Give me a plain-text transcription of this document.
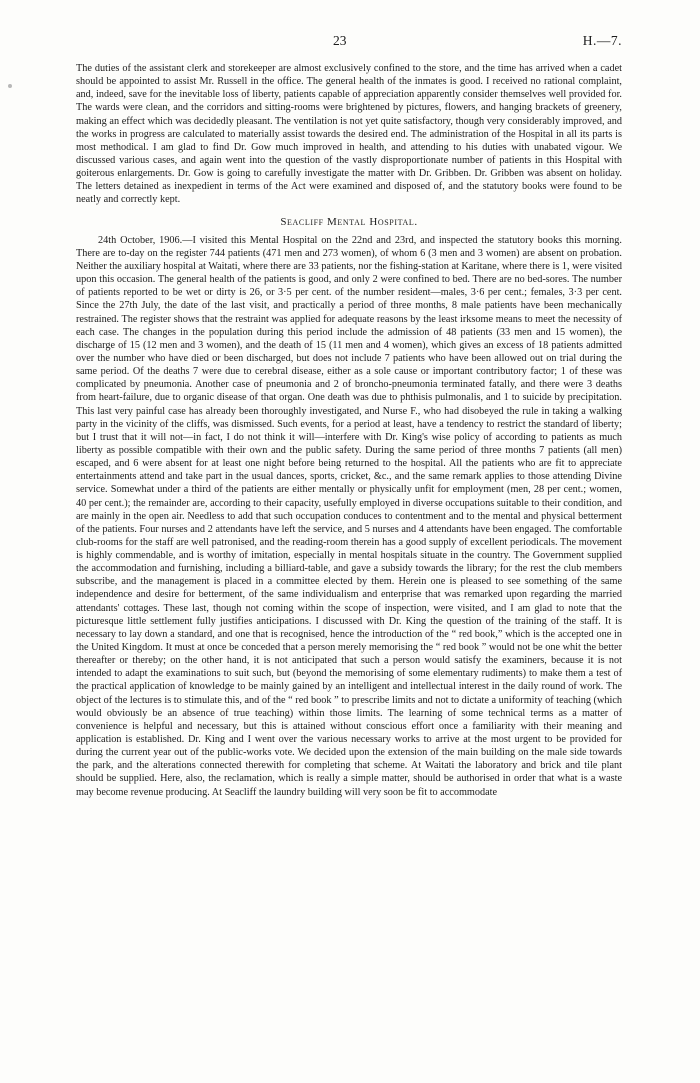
23	H.—7.

The duties of the assistant clerk and storekeeper are almost exclusively confined to the store, and the time has arrived when a cadet should be appointed to assist Mr. Russell in the office. The general health of the inmates is good. I received no rational complaint, and, indeed, save for the inevitable loss of liberty, patients capable of appreciation apparently consider themselves well provided for. The wards were clean, and the corridors and sitting-rooms were brightened by pictures, flowers, and hanging brackets of greenery, making an effect which was decidedly pleasant. The ventilation is not yet quite satisfactory, though very considerably improved, and the works in progress are calculated to materially assist towards the desired end. The administration of the Hospital in all its parts is most methodical. I am glad to find Dr. Gow much improved in health, and attending to his duties with unabated vigour. We discussed various cases, and again went into the question of the vastly disproportionate number of patients in this Hospital with goiterous enlargements. Dr. Gow is going to carefully investigate the matter with Dr. Gribben. Dr. Gribben was absent on holiday. The letters detained as inexpedient in terms of the Act were examined and disposed of, and the statutory books were found to be neatly and correctly kept.

Seacliff Mental Hospital.

24th October, 1906.—I visited this Mental Hospital on the 22nd and 23rd, and inspected the statutory books this morning. There are to-day on the register 744 patients (471 men and 273 women), of whom 6 (3 men and 3 women) are absent on probation. Neither the auxiliary hospital at Waitati, where there are 33 patients, nor the fishing-station at Karitane, where there is 1, were visited upon this occasion. The general health of the patients is good, and only 2 were confined to bed. There are no bed-sores. The number of patients reported to be wet or dirty is 26, or 3·5 per cent. of the number resident—males, 3·6 per cent.; females, 3·3 per cent. Since the 27th July, the date of the last visit, and practically a period of three months, 8 male patients have been mechanically restrained. The register shows that the restraint was applied for adequate reasons by the least irksome means to meet the necessity of each case. The changes in the population during this period include the admission of 48 patients (33 men and 15 women), the discharge of 15 (12 men and 3 women), and the death of 15 (11 men and 4 women), which gives an excess of 18 patients admitted over the number who have died or been discharged, but does not include 7 patients who have been allowed out on trial during the same period. Of the deaths 7 were due to cerebral disease, either as a sole cause or important contributory factor; 1 of these was complicated by pneumonia. Another case of pneumonia and 2 of broncho-pneumonia terminated fatally, and there were 3 deaths from heart-failure, due to organic disease of that organ. One death was due to phthisis pulmonalis, and 1 to suicide by precipitation. This last very painful case has already been thoroughly investigated, and Nurse F., who had disobeyed the rule in taking a walking party in the vicinity of the cliffs, was dismissed. Such events, for a period at least, have a tendency to restrict the standard of liberty; but I trust that it will not—in fact, I do not think it will—interfere with Dr. King's wise policy of according to patients as much liberty as possible compatible with their own and the public safety. During the same period of three months 7 patients (all men) escaped, and 6 were absent for at least one night before being returned to the hospital. All the patients who are fit to appreciate entertainments attend and take part in the usual dances, sports, cricket, &c., and the same remark applies to those attending Divine service. Somewhat under a third of the patients are either mentally or physically unfit for employment (men, 28 per cent.; women, 40 per cent.); the remainder are, according to their capacity, usefully employed in diverse occupations suitable to their condition, and are mainly in the open air. Needless to add that such occupation conduces to contentment and to the mental and physical betterment of the patients. Four nurses and 2 attendants have left the service, and 5 nurses and 4 attendants have been engaged. The comfortable club-rooms for the staff are well patronised, and the reading-room therein has a good supply of excellent periodicals. The movement is highly commendable, and is worthy of imitation, especially in mental hospitals situate in the country. The Government supplied the accommodation and furnishing, including a billiard-table, and gave a subsidy towards the library; for the rest the club members subscribe, and the management is placed in a committee elected by them. Herein one is pleased to see something of the same independence and desire for betterment, of the same individualism and enterprise that was remarked upon regarding the married attendants' cottages. These last, though not coming within the scope of inspection, were visited, and I am glad to note that the picturesque little settlement fully justifies anticipations. I discussed with Dr. King the question of the training of the staff. It is necessary to lay down a standard, and one that is recognised, hence the introduction of the “ red book,” which is the accepted one in the United Kingdom. It must at once be conceded that a person merely memorising the “ red book ” would not be one whit the better thereafter or thereby; on the other hand, it is not anticipated that such a person would satisfy the examiners, because it is not intended to adapt the examinations to suit such, but (beyond the memorising of some elementary rudiments) to make them a test of the practical application of knowledge to be mainly gained by an intelligent and intellectual interest in the daily round of work. The object of the lectures is to stimulate this, and of the “ red book ” to prescribe limits and not to dictate a uniformity of teaching (which would obviously be an absence of true teaching) within those limits. The learning of some technical terms as a matter of convenience is helpful and necessary, but this is attained without conscious effort once a familiarity with their meaning and application is established. Dr. King and I went over the various necessary works to arrive at the most urgent to be provided for during the current year out of the public-works vote. We decided upon the extension of the main building on the male side towards the park, and the alterations connected therewith for completing that scheme. At Waitati the laboratory and brick and tile plant should be supplied. Here, also, the reclamation, which is really a simple matter, should be authorised in order that what is a waste may become revenue producing. At Seacliff the laundry building will very soon be fit to accommodate
